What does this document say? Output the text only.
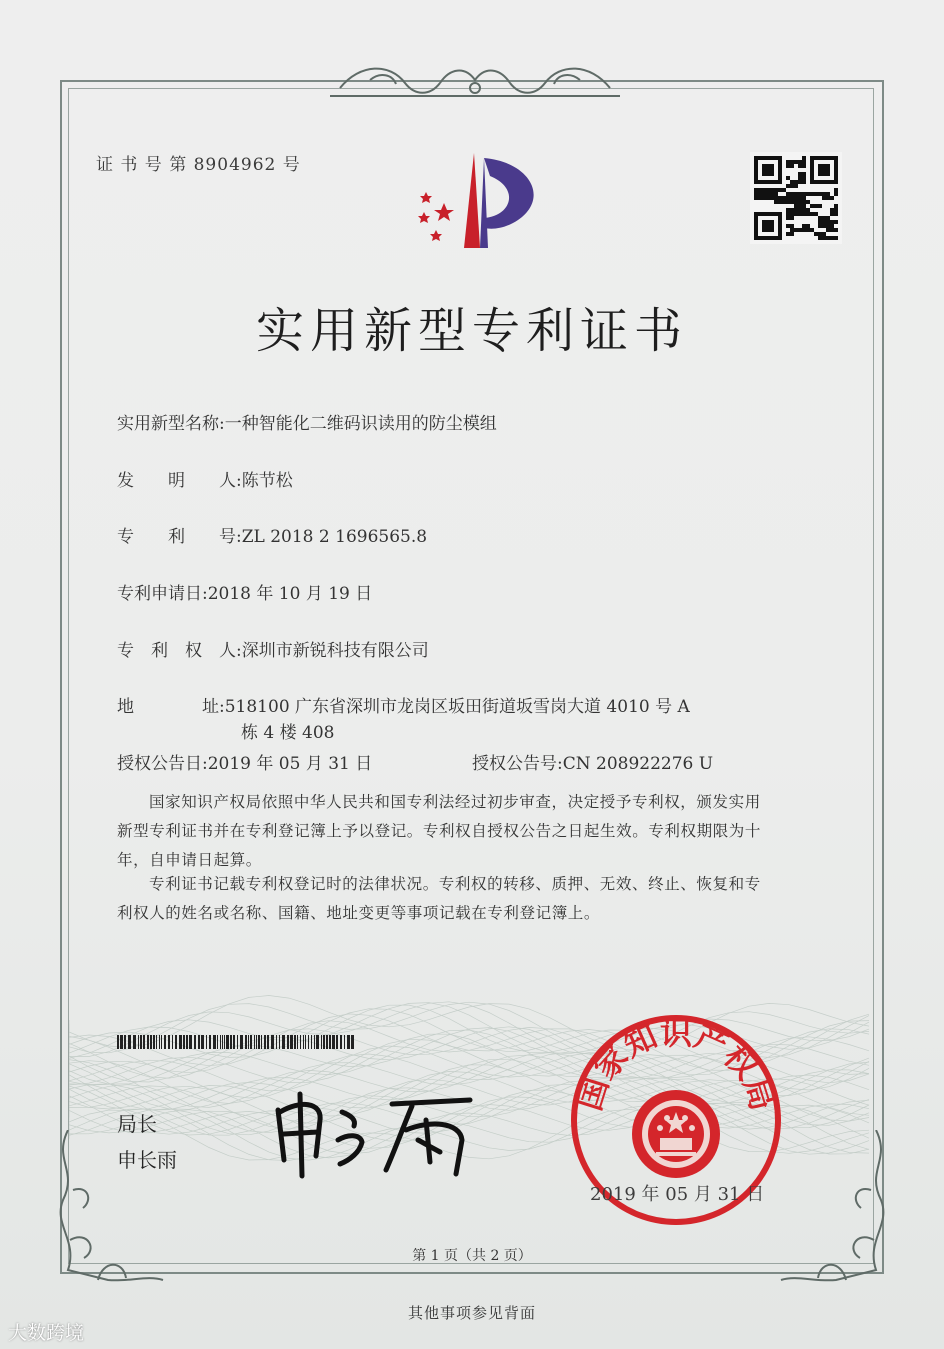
证 书 号 第 8904962 号
实用新型专利证书
实用新型名称:一种智能化二维码识读用的防尘模组
发　　明　　人:陈节松
专　　利　　号:ZL 2018 2 1696565.8
专利申请日:2018 年 10 月 19 日
专　利　权　人:深圳市新锐科技有限公司
地　　　　址:518100 广东省深圳市龙岗区坂田街道坂雪岗大道 4010 号 A
栋 4 楼 408
授权公告日:2019 年 05 月 31 日	授权公告号:CN 208922276 U
国家知识产权局依照中华人民共和国专利法经过初步审查，决定授予专利权，颁发实用
新型专利证书并在专利登记簿上予以登记。专利权自授权公告之日起生效。专利权期限为十
年，自申请日起算。
专利证书记载专利权登记时的法律状况。专利权的转移、质押、无效、终止、恢复和专
利权人的姓名或名称、国籍、地址变更等事项记载在专利登记簿上。
局长
申长雨
国家知识产权局
2019 年 05 月 31 日
第 1 页（共 2 页）
其他事项参见背面
大数跨境
